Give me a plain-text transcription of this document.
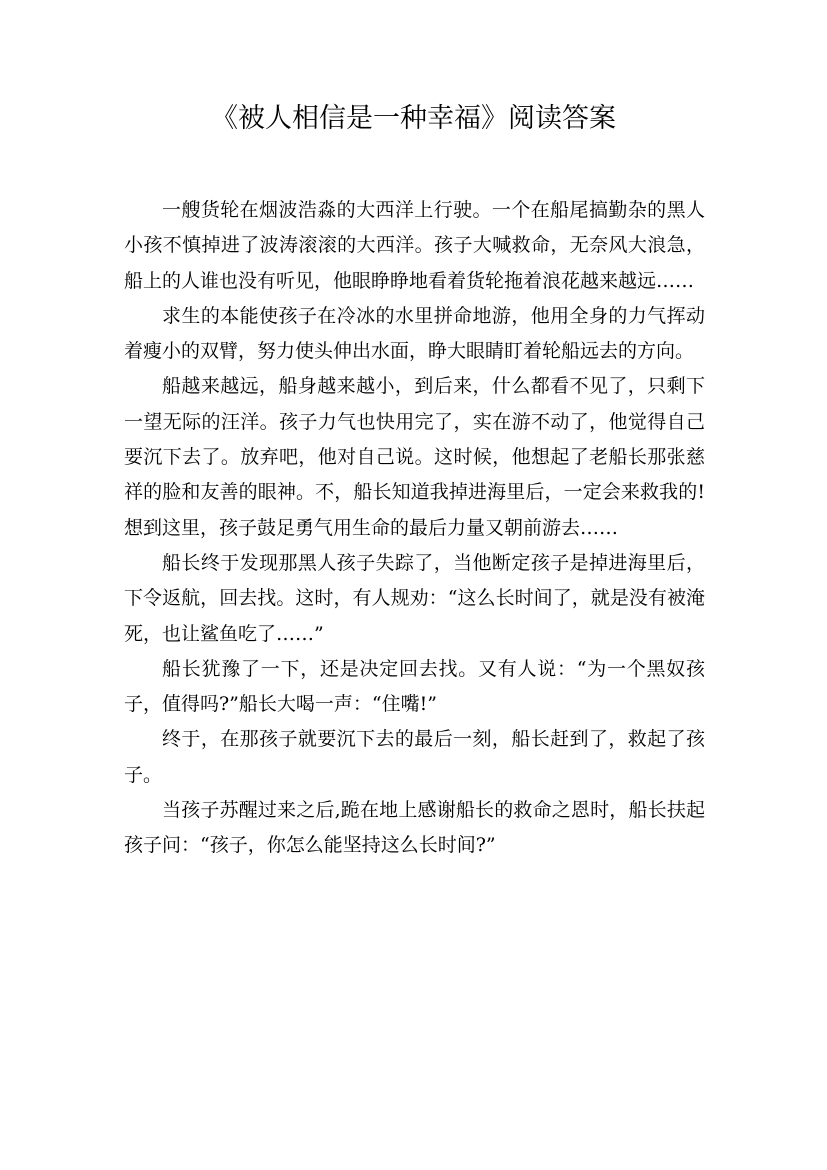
《被人相信是一种幸福》阅读答案

一艘货轮在烟波浩淼的大西洋上行驶。一个在船尾搞勤杂的黑人小孩不慎掉进了波涛滚滚的大西洋。孩子大喊救命，无奈风大浪急，船上的人谁也没有听见，他眼睁睁地看着货轮拖着浪花越来越远……

求生的本能使孩子在冷冰的水里拼命地游，他用全身的力气挥动着瘦小的双臂，努力使头伸出水面，睁大眼睛盯着轮船远去的方向。

船越来越远，船身越来越小，到后来，什么都看不见了，只剩下一望无际的汪洋。孩子力气也快用完了，实在游不动了，他觉得自己要沉下去了。放弃吧，他对自己说。这时候，他想起了老船长那张慈祥的脸和友善的眼神。不，船长知道我掉进海里后，一定会来救我的!想到这里，孩子鼓足勇气用生命的最后力量又朝前游去……

船长终于发现那黑人孩子失踪了，当他断定孩子是掉进海里后，下令返航，回去找。这时，有人规劝：“这么长时间了，就是没有被淹死，也让鲨鱼吃了……”

船长犹豫了一下，还是决定回去找。又有人说：“为一个黑奴孩子，值得吗?”船长大喝一声：“住嘴!”

终于，在那孩子就要沉下去的最后一刻，船长赶到了，救起了孩子。

当孩子苏醒过来之后,跪在地上感谢船长的救命之恩时，船长扶起孩子问：“孩子，你怎么能坚持这么长时间?”
